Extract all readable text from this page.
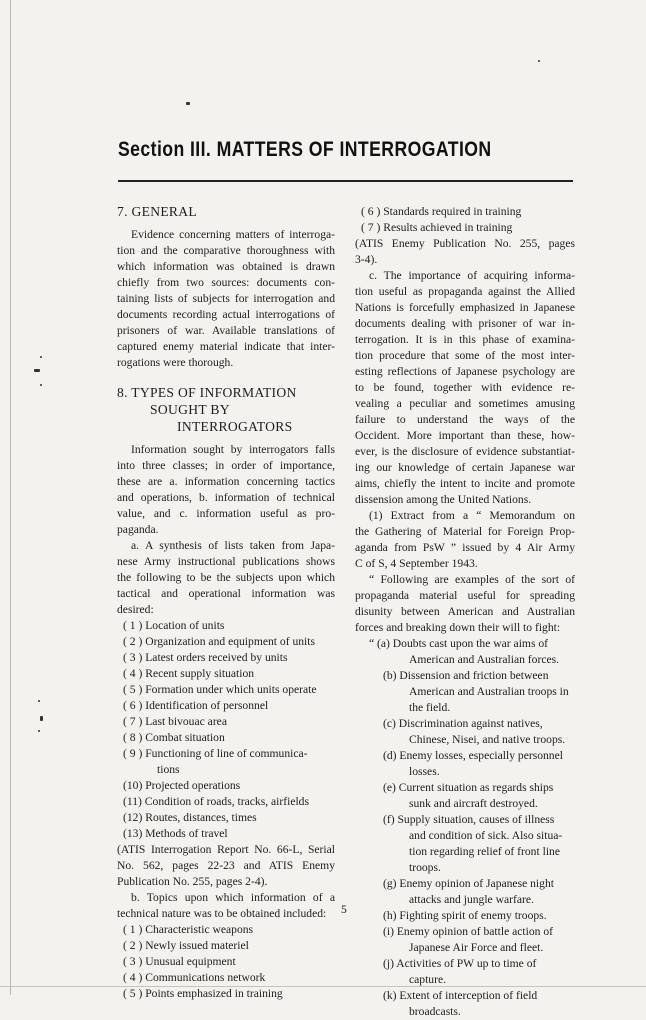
Section III. MATTERS OF INTERROGATION
7. GENERAL
Evidence concerning matters of interroga-
tion and the comparative thoroughness with
which information was obtained is drawn
chiefly from two sources: documents con-
taining lists of subjects for interrogation and
documents recording actual interrogations of
prisoners of war. Available translations of
captured enemy material indicate that inter-
rogations were thorough.
8. TYPES OF INFORMATION
SOUGHT BY
INTERROGATORS
Information sought by interrogators falls
into three classes; in order of importance,
these are a. information concerning tactics
and operations, b. information of technical
value, and c. information useful as pro-
paganda.
a. A synthesis of lists taken from Japa-
nese Army instructional publications shows
the following to be the subjects upon which
tactical and operational information was
desired:
( 1 ) Location of units
( 2 ) Organization and equipment of units
( 3 ) Latest orders received by units
( 4 ) Recent supply situation
( 5 ) Formation under which units operate
( 6 ) Identification of personnel
( 7 ) Last bivouac area
( 8 ) Combat situation
( 9 ) Functioning of line of communica-
tions
(10) Projected operations
(11) Condition of roads, tracks, airfields
(12) Routes, distances, times
(13) Methods of travel
(ATIS Interrogation Report No. 66-L, Serial
No. 562, pages 22-23 and ATIS Enemy
Publication No. 255, pages 2-4).
b. Topics upon which information of a
technical nature was to be obtained included:
( 1 ) Characteristic weapons
( 2 ) Newly issued materiel
( 3 ) Unusual equipment
( 4 ) Communications network
( 5 ) Points emphasized in training
( 6 ) Standards required in training
( 7 ) Results achieved in training
(ATIS Enemy Publication No. 255, pages
3-4).
c. The importance of acquiring informa-
tion useful as propaganda against the Allied
Nations is forcefully emphasized in Japanese
documents dealing with prisoner of war in-
terrogation. It is in this phase of examina-
tion procedure that some of the most inter-
esting reflections of Japanese psychology are
to be found, together with evidence re-
vealing a peculiar and sometimes amusing
failure to understand the ways of the
Occident. More important than these, how-
ever, is the disclosure of evidence substantiat-
ing our knowledge of certain Japanese war
aims, chiefly the intent to incite and promote
dissension among the United Nations.
(1) Extract from a “ Memorandum on
the Gathering of Material for Foreign Prop-
aganda from PsW ” issued by 4 Air Army
C of S, 4 September 1943.
“ Following are examples of the sort of
propaganda material useful for spreading
disunity between American and Australian
forces and breaking down their will to fight:
“ (a) Doubts cast upon the war aims of
American and Australian forces.
(b) Dissension and friction between
American and Australian troops in
the field.
(c) Discrimination against natives,
Chinese, Nisei, and native troops.
(d) Enemy losses, especially personnel
losses.
(e) Current situation as regards ships
sunk and aircraft destroyed.
(f) Supply situation, causes of illness
and condition of sick. Also situa-
tion regarding relief of front line
troops.
(g) Enemy opinion of Japanese night
attacks and jungle warfare.
(h) Fighting spirit of enemy troops.
(i) Enemy opinion of battle action of
Japanese Air Force and fleet.
(j) Activities of PW up to time of
capture.
(k) Extent of interception of field
broadcasts.
5
